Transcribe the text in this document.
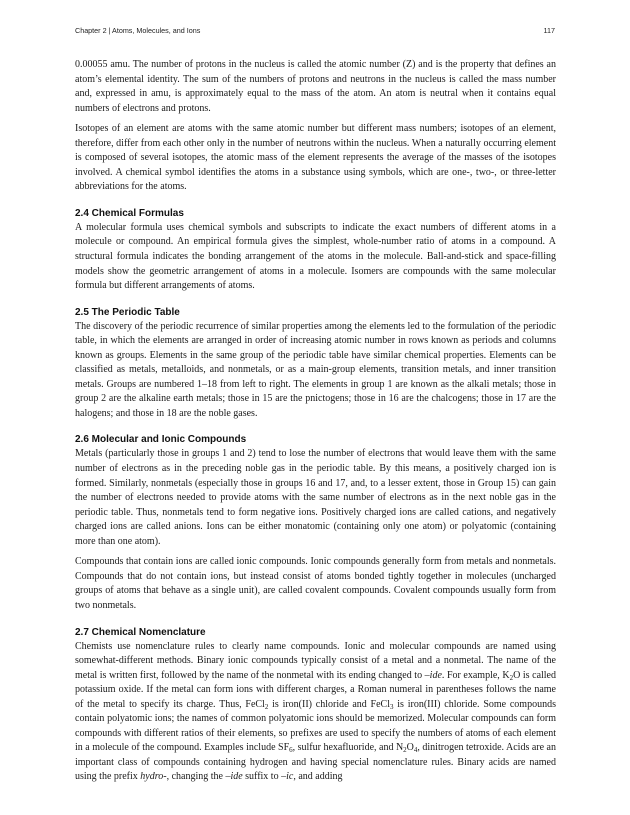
Chapter 2 | Atoms, Molecules, and Ions	117

0.00055 amu. The number of protons in the nucleus is called the atomic number (Z) and is the property that defines an atom’s elemental identity. The sum of the numbers of protons and neutrons in the nucleus is called the mass number and, expressed in amu, is approximately equal to the mass of the atom. An atom is neutral when it contains equal numbers of electrons and protons.

Isotopes of an element are atoms with the same atomic number but different mass numbers; isotopes of an element, therefore, differ from each other only in the number of neutrons within the nucleus. When a naturally occurring element is composed of several isotopes, the atomic mass of the element represents the average of the masses of the isotopes involved. A chemical symbol identifies the atoms in a substance using symbols, which are one-, two-, or three-letter abbreviations for the atoms.

2.4 Chemical Formulas

A molecular formula uses chemical symbols and subscripts to indicate the exact numbers of different atoms in a molecule or compound. An empirical formula gives the simplest, whole-number ratio of atoms in a compound. A structural formula indicates the bonding arrangement of the atoms in the molecule. Ball-and-stick and space-filling models show the geometric arrangement of atoms in a molecule. Isomers are compounds with the same molecular formula but different arrangements of atoms.

2.5 The Periodic Table

The discovery of the periodic recurrence of similar properties among the elements led to the formulation of the periodic table, in which the elements are arranged in order of increasing atomic number in rows known as periods and columns known as groups. Elements in the same group of the periodic table have similar chemical properties. Elements can be classified as metals, metalloids, and nonmetals, or as a main-group elements, transition metals, and inner transition metals. Groups are numbered 1–18 from left to right. The elements in group 1 are known as the alkali metals; those in group 2 are the alkaline earth metals; those in 15 are the pnictogens; those in 16 are the chalcogens; those in 17 are the halogens; and those in 18 are the noble gases.

2.6 Molecular and Ionic Compounds

Metals (particularly those in groups 1 and 2) tend to lose the number of electrons that would leave them with the same number of electrons as in the preceding noble gas in the periodic table. By this means, a positively charged ion is formed. Similarly, nonmetals (especially those in groups 16 and 17, and, to a lesser extent, those in Group 15) can gain the number of electrons needed to provide atoms with the same number of electrons as in the next noble gas in the periodic table. Thus, nonmetals tend to form negative ions. Positively charged ions are called cations, and negatively charged ions are called anions. Ions can be either monatomic (containing only one atom) or polyatomic (containing more than one atom).

Compounds that contain ions are called ionic compounds. Ionic compounds generally form from metals and nonmetals. Compounds that do not contain ions, but instead consist of atoms bonded tightly together in molecules (uncharged groups of atoms that behave as a single unit), are called covalent compounds. Covalent compounds usually form from two nonmetals.

2.7 Chemical Nomenclature

Chemists use nomenclature rules to clearly name compounds. Ionic and molecular compounds are named using somewhat-different methods. Binary ionic compounds typically consist of a metal and a nonmetal. The name of the metal is written first, followed by the name of the nonmetal with its ending changed to –ide. For example, $K_2O$ is called potassium oxide. If the metal can form ions with different charges, a Roman numeral in parentheses follows the name of the metal to specify its charge. Thus, FeCl$_2$ is iron(II) chloride and FeCl$_3$ is iron(III) chloride. Some compounds contain polyatomic ions; the names of common polyatomic ions should be memorized. Molecular compounds can form compounds with different ratios of their elements, so prefixes are used to specify the numbers of atoms of each element in a molecule of the compound. Examples include $SF_6$, sulfur hexafluoride, and $N_2O_4$, dinitrogen tetroxide. Acids are an important class of compounds containing hydrogen and having special nomenclature rules. Binary acids are named using the prefix hydro-, changing the –ide suffix to –ic, and adding
